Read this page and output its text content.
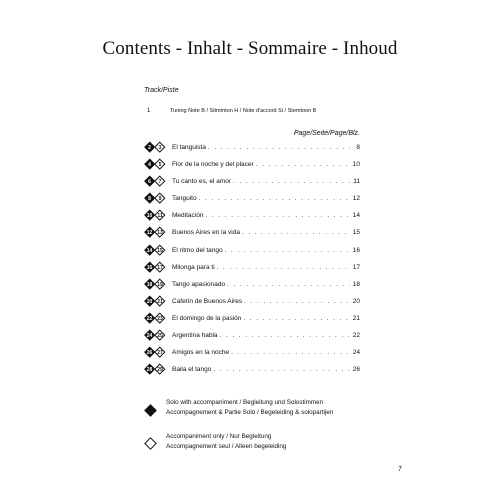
Contents - Inhalt - Sommaire - Inhoud
Track/Piste
1	Tuning Note B / Stimmton H / Note d'accord Si / Stemtoon B
Page/Seite/Page/Blz.
2	3	El tanguista . . .	8
4	5	Flor de la noche y del placer . . .	10
6	7	Tu canto es, el amor . . .	11
8	9	Tanguito . . .	12
10	11	Meditación . . .	14
12 13	Buenos Aires en la vida . . .	15
14 15	El ritmo del tango . . .	16
16 17	Milonga para ti . . .	17
18 19	Tango apasionado . . .	18
20 21	Cafetín de Buenos Aires . . .	20
22 23	El domingo de la pasión . . .	21
24 25	Argentina habla . . .	22
26 27	Amigos en la noche . . .	24
28 29	Baila el tango . . .	26
Solo with accompaniment / Begleitung und Solostimmen
Accompagnement & Partie Solo / Begeleiding & solopartijen
Accompaniment only / Nur Begleitung
Accompagnement seul / Alleen begeleiding
7
